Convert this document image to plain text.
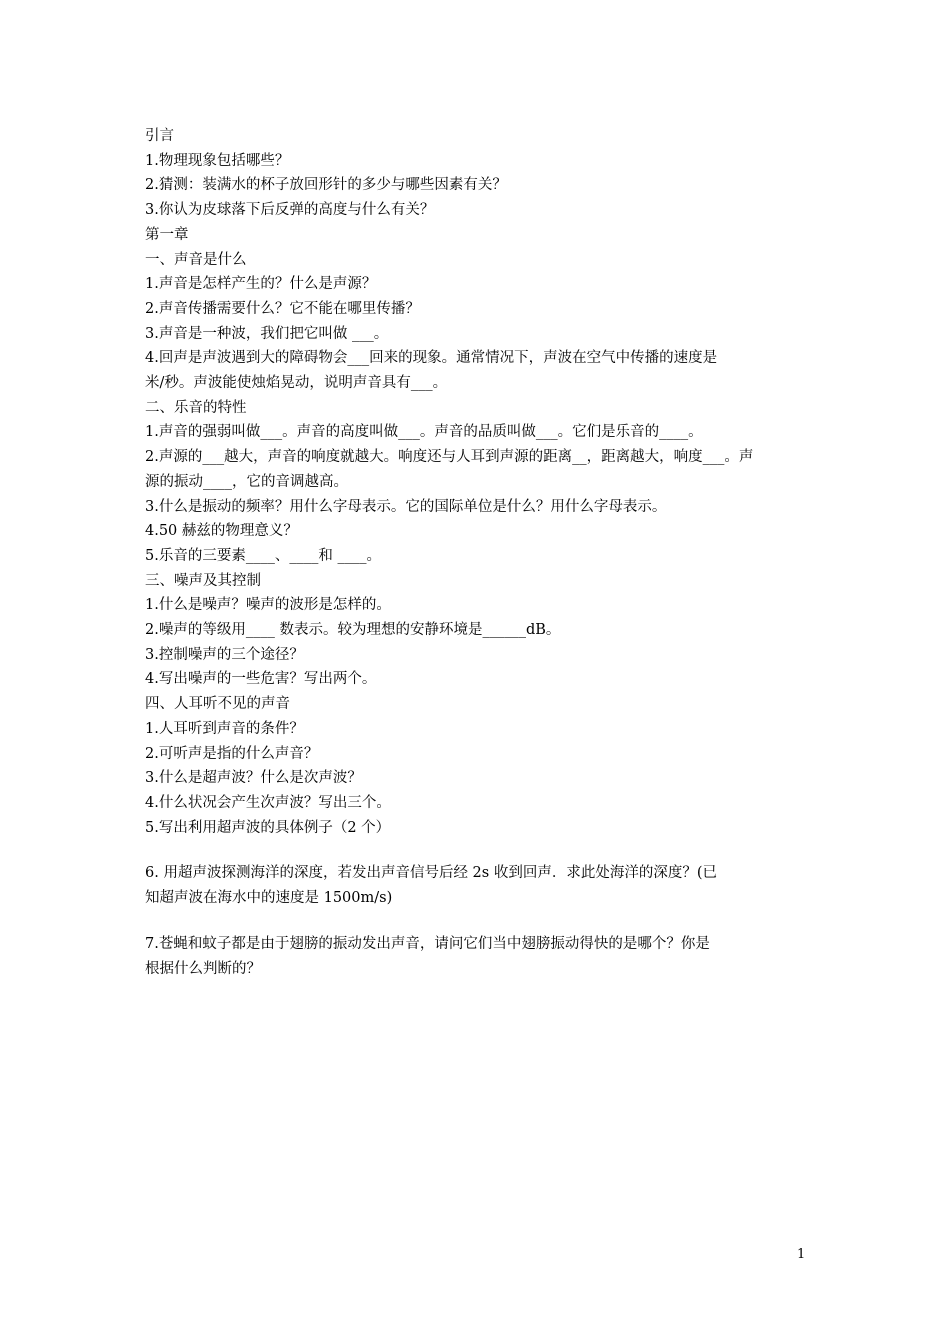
引言
1.物理现象包括哪些？
2.猜测：装满水的杯子放回形针的多少与哪些因素有关？
3.你认为皮球落下后反弹的高度与什么有关？
第一章
一、声音是什么
1.声音是怎样产生的？什么是声源？
2.声音传播需要什么？它不能在哪里传播？
3.声音是一种波，我们把它叫做 ___。
4.回声是声波遇到大的障碍物会___回来的现象。通常情况下，声波在空气中传播的速度是
米/秒。声波能使烛焰晃动，说明声音具有___。
二、乐音的特性
1.声音的强弱叫做___。声音的高度叫做___。声音的品质叫做___。它们是乐音的____。
2.声源的___越大，声音的响度就越大。响度还与人耳到声源的距离__，距离越大，响度___。声
源的振动____，它的音调越高。
3.什么是振动的频率？用什么字母表示。它的国际单位是什么？用什么字母表示。
4.50 赫兹的物理意义？
5.乐音的三要素____、____和 ____。
三、噪声及其控制
1.什么是噪声？噪声的波形是怎样的。
2.噪声的等级用____ 数表示。较为理想的安静环境是______dB。
3.控制噪声的三个途径？
4.写出噪声的一些危害？写出两个。
四、人耳听不见的声音
1.人耳听到声音的条件？
2.可听声是指的什么声音？
3.什么是超声波？什么是次声波？
4.什么状况会产生次声波？写出三个。
5.写出利用超声波的具体例子（2 个）
6. 用超声波探测海洋的深度，若发出声音信号后经 2s 收到回声．求此处海洋的深度？(已
知超声波在海水中的速度是 1500m/s)
7.苍蝇和蚊子都是由于翅膀的振动发出声音，请问它们当中翅膀振动得快的是哪个？你是
根据什么判断的？
1
